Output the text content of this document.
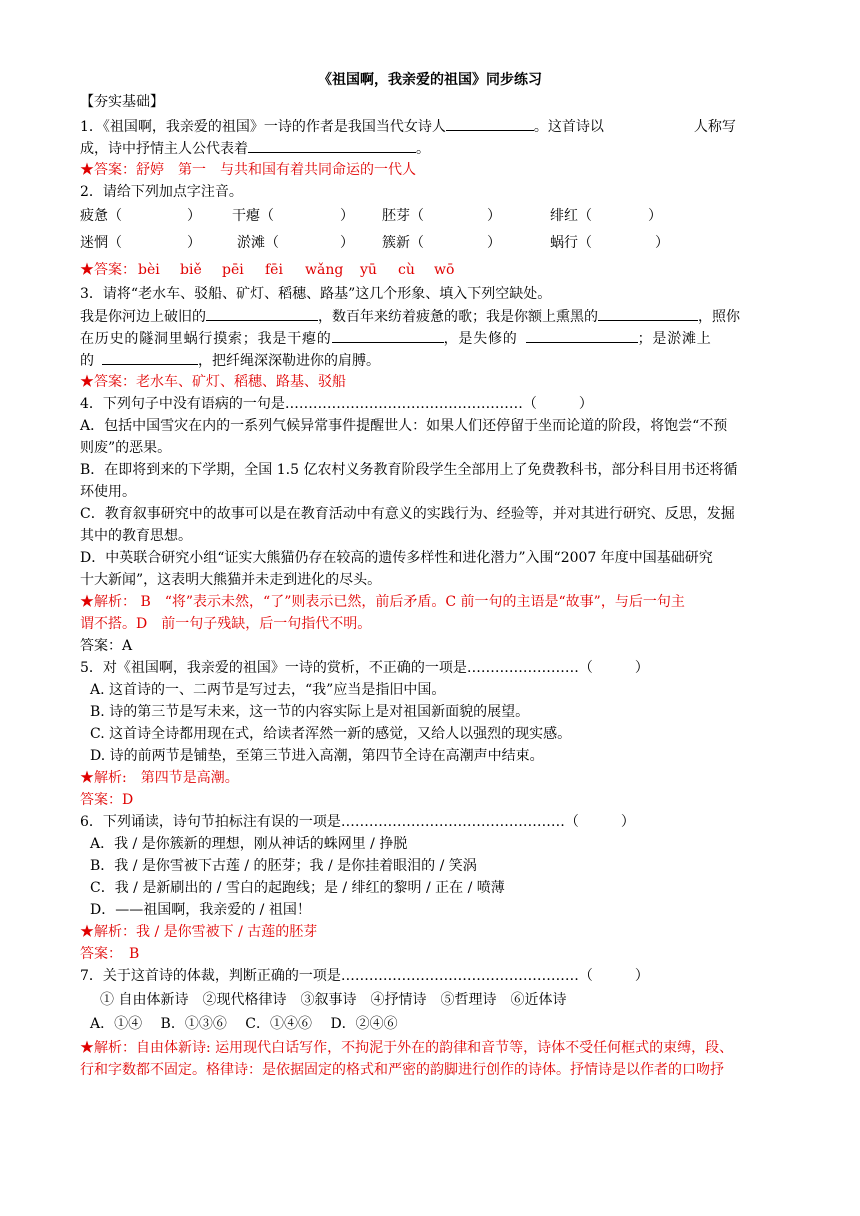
《祖国啊，我亲爱的祖国》同步练习
【夯实基础】
1．《祖国啊，我亲爱的祖国》一诗的作者是我国当代女诗人	。这首诗以	人称写
成，诗中抒情主人公代表着	。
★答案：舒婷　第一　与共和国有着共同命运的一代人
2．请给下列加点字注音。
疲惫（	） 干瘪（	） 胚芽（	）	绯红（	）
迷惘（	）	淤滩（	） 簇新（	）	蜗行（	）
★答案： bèi biě pēi fēi wǎng yū cù wō
3．请将“老水车、驳船、矿灯、稻穗、路基”这几个形象、填入下列空缺处。
我是你河边上破旧的	，数百年来纺着疲惫的歌；我是你额上熏黑的	，照你
在历史的隧洞里蜗行摸索；我是干瘪的	，是失修的	；是淤滩上
的	，把纤绳深深勒进你的肩膊。
★答案：老水车、矿灯、稻穗、路基、驳船
4．下列句子中没有语病的一句是……………………………………………（　　　）
A．包括中国雪灾在内的一系列气候异常事件提醒世人：如果人们还停留于坐而论道的阶段，将饱尝“不预
则废”的恶果。
B．在即将到来的下学期，全国 1.5 亿农村义务教育阶段学生全部用上了免费教科书，部分科目用书还将循
环使用。
C．教育叙事研究中的故事可以是在教育活动中有意义的实践行为、经验等，并对其进行研究、反思，发掘
其中的教育思想。
D．中英联合研究小组“证实大熊猫仍存在较高的遗传多样性和进化潜力”入围“2007 年度中国基础研究
十大新闻”，这表明大熊猫并未走到进化的尽头。
★解析： B　“将”表示未然，“了”则表示已然，前后矛盾。C 前一句的主语是“故事”，与后一句主
谓不搭。D　前一句子残缺，后一句指代不明。
答案：A
5．对《祖国啊，我亲爱的祖国》一诗的赏析，不正确的一项是……………………（　　　）
A. 这首诗的一、二两节是写过去，“我”应当是指旧中国。
B. 诗的第三节是写未来，这一节的内容实际上是对祖国新面貌的展望。
C. 这首诗全诗都用现在式，给读者浑然一新的感觉，又给人以强烈的现实感。
D. 诗的前两节是铺垫，至第三节进入高潮，第四节全诗在高潮声中结束。
★解析:　第四节是高潮。
答案：D
6．下列诵读，诗句节拍标注有误的一项是…………………………………………（　　　）
A．我 / 是你簇新的理想，刚从神话的蛛网里 / 挣脱
B．我 / 是你雪被下古莲 / 的胚芽；我 / 是你挂着眼泪的 / 笑涡
C．我 / 是新刷出的 / 雪白的起跑线；是 / 绯红的黎明 / 正在 / 喷薄
D．——祖国啊，我亲爱的 / 祖国！
★解析：我 / 是你雪被下 / 古莲的胚芽
答案：　B
7．关于这首诗的体裁，判断正确的一项是……………………………………………（　　　）
① 自由体新诗　②现代格律诗　③叙事诗　④抒情诗　⑤哲理诗　⑥近体诗
A．①④　 B．①③⑥　 C．①④⑥　 D．②④⑥
★解析：自由体新诗: 运用现代白话写作，不拘泥于外在的韵律和音节等，诗体不受任何框式的束缚，段、
行和字数都不固定。格律诗：是依据固定的格式和严密的韵脚进行创作的诗体。抒情诗是以作者的口吻抒
